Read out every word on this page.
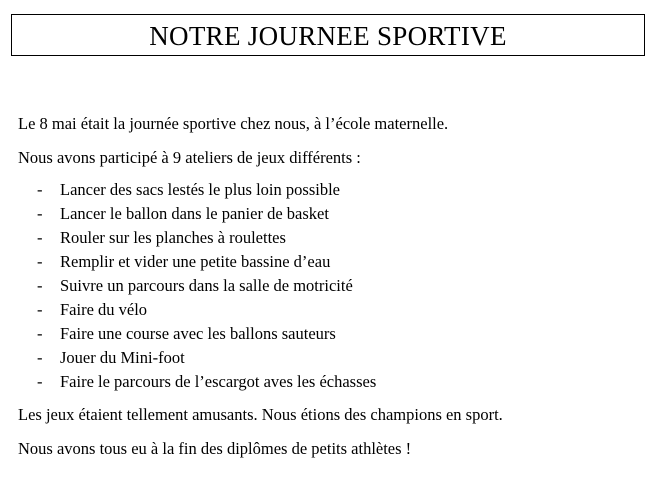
NOTRE JOURNEE SPORTIVE
Le 8 mai était la journée sportive chez nous, à l’école maternelle.
Nous avons participé à 9 ateliers de jeux différents :
- Lancer des sacs lestés le plus loin possible
- Lancer le ballon dans le panier de basket
- Rouler sur les planches à roulettes
- Remplir et vider une petite bassine d’eau
- Suivre un parcours dans la salle de motricité
- Faire du vélo
- Faire une course avec les ballons sauteurs
- Jouer du Mini-foot
- Faire le parcours de l’escargot aves les échasses
Les jeux étaient tellement amusants. Nous étions des champions en sport.
Nous avons tous eu à la fin des diplômes de petits athlètes !
